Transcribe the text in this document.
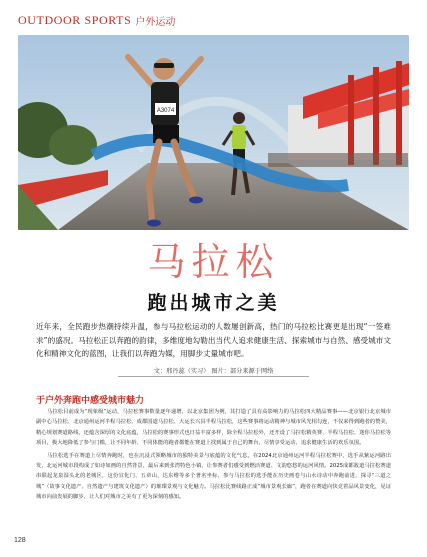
OUTDOOR SPORTS 户外运动
A3074
马拉松
跑出城市之美
近年来，全民跑步热潮持续升温，参与马拉松运动的人数屡创新高，热门的马拉松比赛更是出现“一签难求”的盛况。马拉松正以奔跑的韵律，多维度地勾勒出当代人追求健康生活、探索城市与自然、感受城市文化和精神文化的蓝图，让我们以奔跑为媒，用脚步丈量城市吧。
文：邢丹蕊（实习） 图片：部分来源于网络
于户外奔跑中感受城市魅力

马拉松目前成为“现象级”运动，马拉松赛事数量逐年递增，以北京集团为例，其打造了具有高影响力的马拉松四大精品赛事——北京银行北京城市副中心马拉松、北京通州运河半程马拉松、成都国道马拉松、大运长兴县半程马拉松，这些赛事将运动精神与城市风光相勾连，不仅来得到跑者的赞美，精心规划赛道路线，还蕴含深厚的文化底蕴，马拉松的赛事形式也日益丰富多样，除全程马拉松外，还开设了马拉松精英赛、半程马拉松、迷你马拉松等项目，极大地降低了参与门槛，让不同年龄、不同体能的跑者都能在赛道上找到属于自己的舞台，尽情享受运动、追求健康生活的欢乐氛围。

马拉松选手在赛道上尽情奔跑时，也在沉浸式领略城市的独特美景与底蕴的文化气息。在2024北京通州运河半程马拉松赛中，选手从紫运河路出发，北运河城市段构成了如诗如画的自然背景，最后来到张湾特色小镇，让参赛者们感受到燃活赛道、文韵悠悠的运河风情。2025成都敌道马拉松赛道串联起龙泉湿头北的老城区，这份宜化门、五章山、达东维等多个著名坐标，参与马拉松的选手能在历史画卷与山水诗动中奔跑前进，探寻“三道之城”（故事文化遗产、自然遗产与建筑文化遗产）的璀璨景观与文化魅力。马拉松比赛线路正成“城市景观长廊”，跑者在赛道向快竞着品风景变化，见证城市向前发展的脚步，让人们对城市之美有了更为深刻的感知。

128
